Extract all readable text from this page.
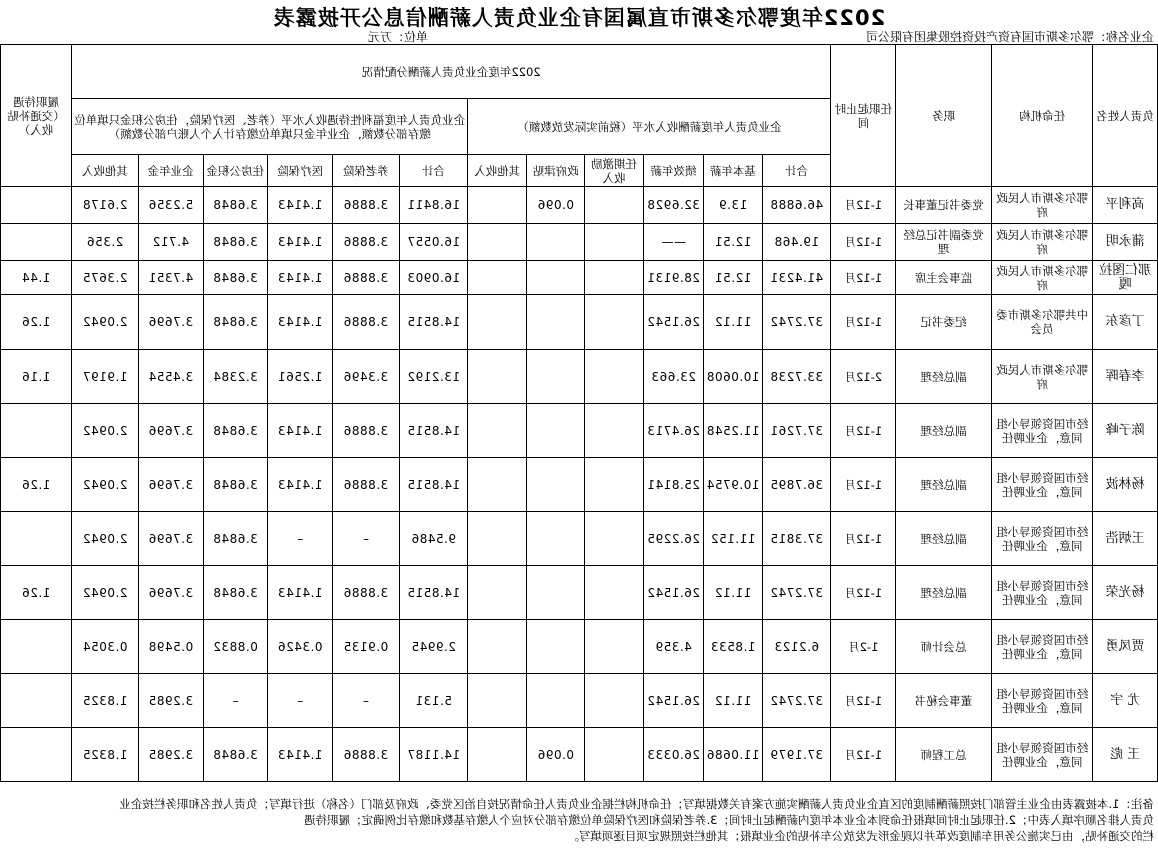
2022年度鄂尔多斯市直属国有企业负责人薪酬信息公开披露表
企业名称：鄂尔多斯市国有资产投资控股集团有限公司
单位：万元
负责人姓名	任命机构	职务	任职起止时间	2022年度企业负责人薪酬分配情况												履职待遇（交通补贴收入）
				企业负责人年度薪酬收入水平（税前实际发放数额）						企业负责人年度福利性待遇收入水平（养老、医疗保险，住房公积金只填单位缴存部分数额，企业年金只填单位缴存计入个人账户部分数额）						
				合计	基本年薪	绩效年薪	任期激励收入	政府津贴	其他收入	合计	养老保险	医疗保险	住房公积金	企业年金	其他收入	
高利平	鄂尔多斯市人民政府	党委书记董事长	1-12月	46.6888	13.9	32.6928		0.096		16.8411	3.8886	1.4143	3.6848	5.2356	2.6178	
蒲永明	鄂尔多斯市人民政府	党委副书记总经理	1-12月	19.468	12.51	——				16.0557	3.8886	1.4143	3.6848	4.712	2.356	
那仁图拉嘎	鄂尔多斯市人民政府	监事会主席	1-12月	41.4231	12.51	28.9131				16.0903	3.8886	1.4143	3.6848	4.7351	2.3675	1.44
丁彦东	中共鄂尔多斯市委员会	纪委书记	1-12月	37.2742	11.12	26.1542				14.8515	3.8886	1.4143	3.6848	3.7696	2.0942	1.26
李春晖	鄂尔多斯市人民政府	副总经理	2-12月	33.7238	10.0608	23.663				13.2192	3.3496	1.2561	3.2384	3.4554	1.9197	1.16
陈子峰	经市国资领导小组同意，企业聘任	副总经理	1-12月	37.7261	11.2548	26.4713				14.8515	3.8886	1.4143	3.6848	3.7696	2.0942	
杨林波	经市国资领导小组同意，企业聘任	副总经理	1-12月	36.7895	10.9754	25.8141				14.8515	3.8886	1.4143	3.6848	3.7696	2.0942	1.26
王炳浩	经市国资领导小组同意，企业聘任	副总经理	1-12月	37.3815	11.152	26.2295				9.5486	–	–	3.6848	3.7696	2.0942	
杨光荣	经市国资领导小组同意，企业聘任	副总经理	1-12月	37.2742	11.12	26.1542				14.8515	3.8886	1.4143	3.6848	3.7696	2.0942	1.26
贾凤勇	经市国资领导小组同意，企业聘任	总会计师	1-2月	6.2123	1.8533	4.359				2.9945	0.9135	0.3426	0.8832	0.5498	0.3054	
尤 宇	经市国资领导小组同意，企业聘任	董事会秘书	1-12月	37.2742	11.12	26.1542				5.131	–	–	–	3.2985	1.8325	
王 彪	经市国资领导小组同意，企业聘任	总工程师	1-12月	37.1979	11.0686	26.0333		0.096		14.1187	3.8886	1.4143	3.6848	3.2985	1.8325	
备注：1.本披露表由企业主管部门按照薪酬制度的区直企业负责人薪酬实施方案有关数据填写；任命机构栏据企业负责人任命情况按自治区党委、政府及部门（名称）进行填写；负责人姓名和职务栏按企业
负责人排名顺序填入表中；2.任职起止时间填报任命到本企业本年度内薪酬起止时间；3.养老保险和医疗保险单位缴存部分对应个人缴存基数和缴存比例确定；履职待遇
栏的交通补贴，由已实施公务用车制度改革并以现金形式发放公车补贴的企业填报；其他栏按照规定项目逐项填写。
